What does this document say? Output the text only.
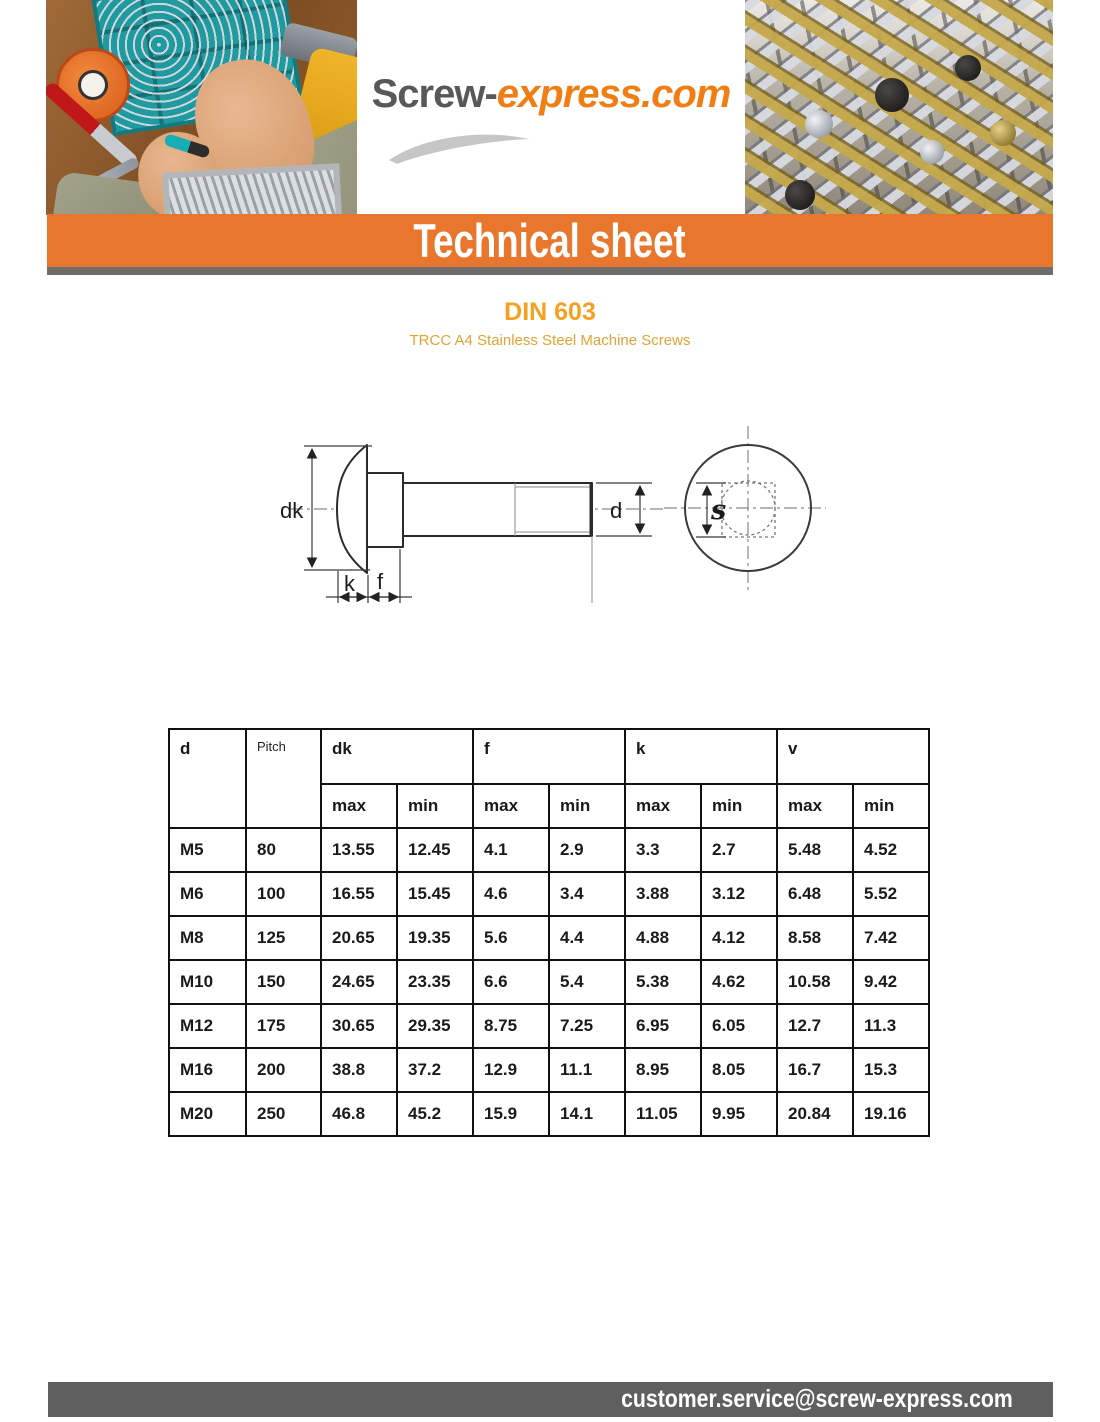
Screw-express.com
Technical sheet
DIN 603
TRCC A4 Stainless Steel Machine Screws
dk
k f
d	s
d	Pitch	dk		f		k		v	
		max	min	max	min	max	min	max	min
M5	80	13.55	12.45	4.1	2.9	3.3	2.7	5.48	4.52
M6	100	16.55	15.45	4.6	3.4	3.88	3.12	6.48	5.52
M8	125	20.65	19.35	5.6	4.4	4.88	4.12	8.58	7.42
M10	150	24.65	23.35	6.6	5.4	5.38	4.62	10.58	9.42
M12	175	30.65	29.35	8.75	7.25	6.95	6.05	12.7	11.3
M16	200	38.8	37.2	12.9	11.1	8.95	8.05	16.7	15.3
M20	250	46.8	45.2	15.9	14.1	11.05	9.95	20.84	19.16
customer.service@screw-express.com
